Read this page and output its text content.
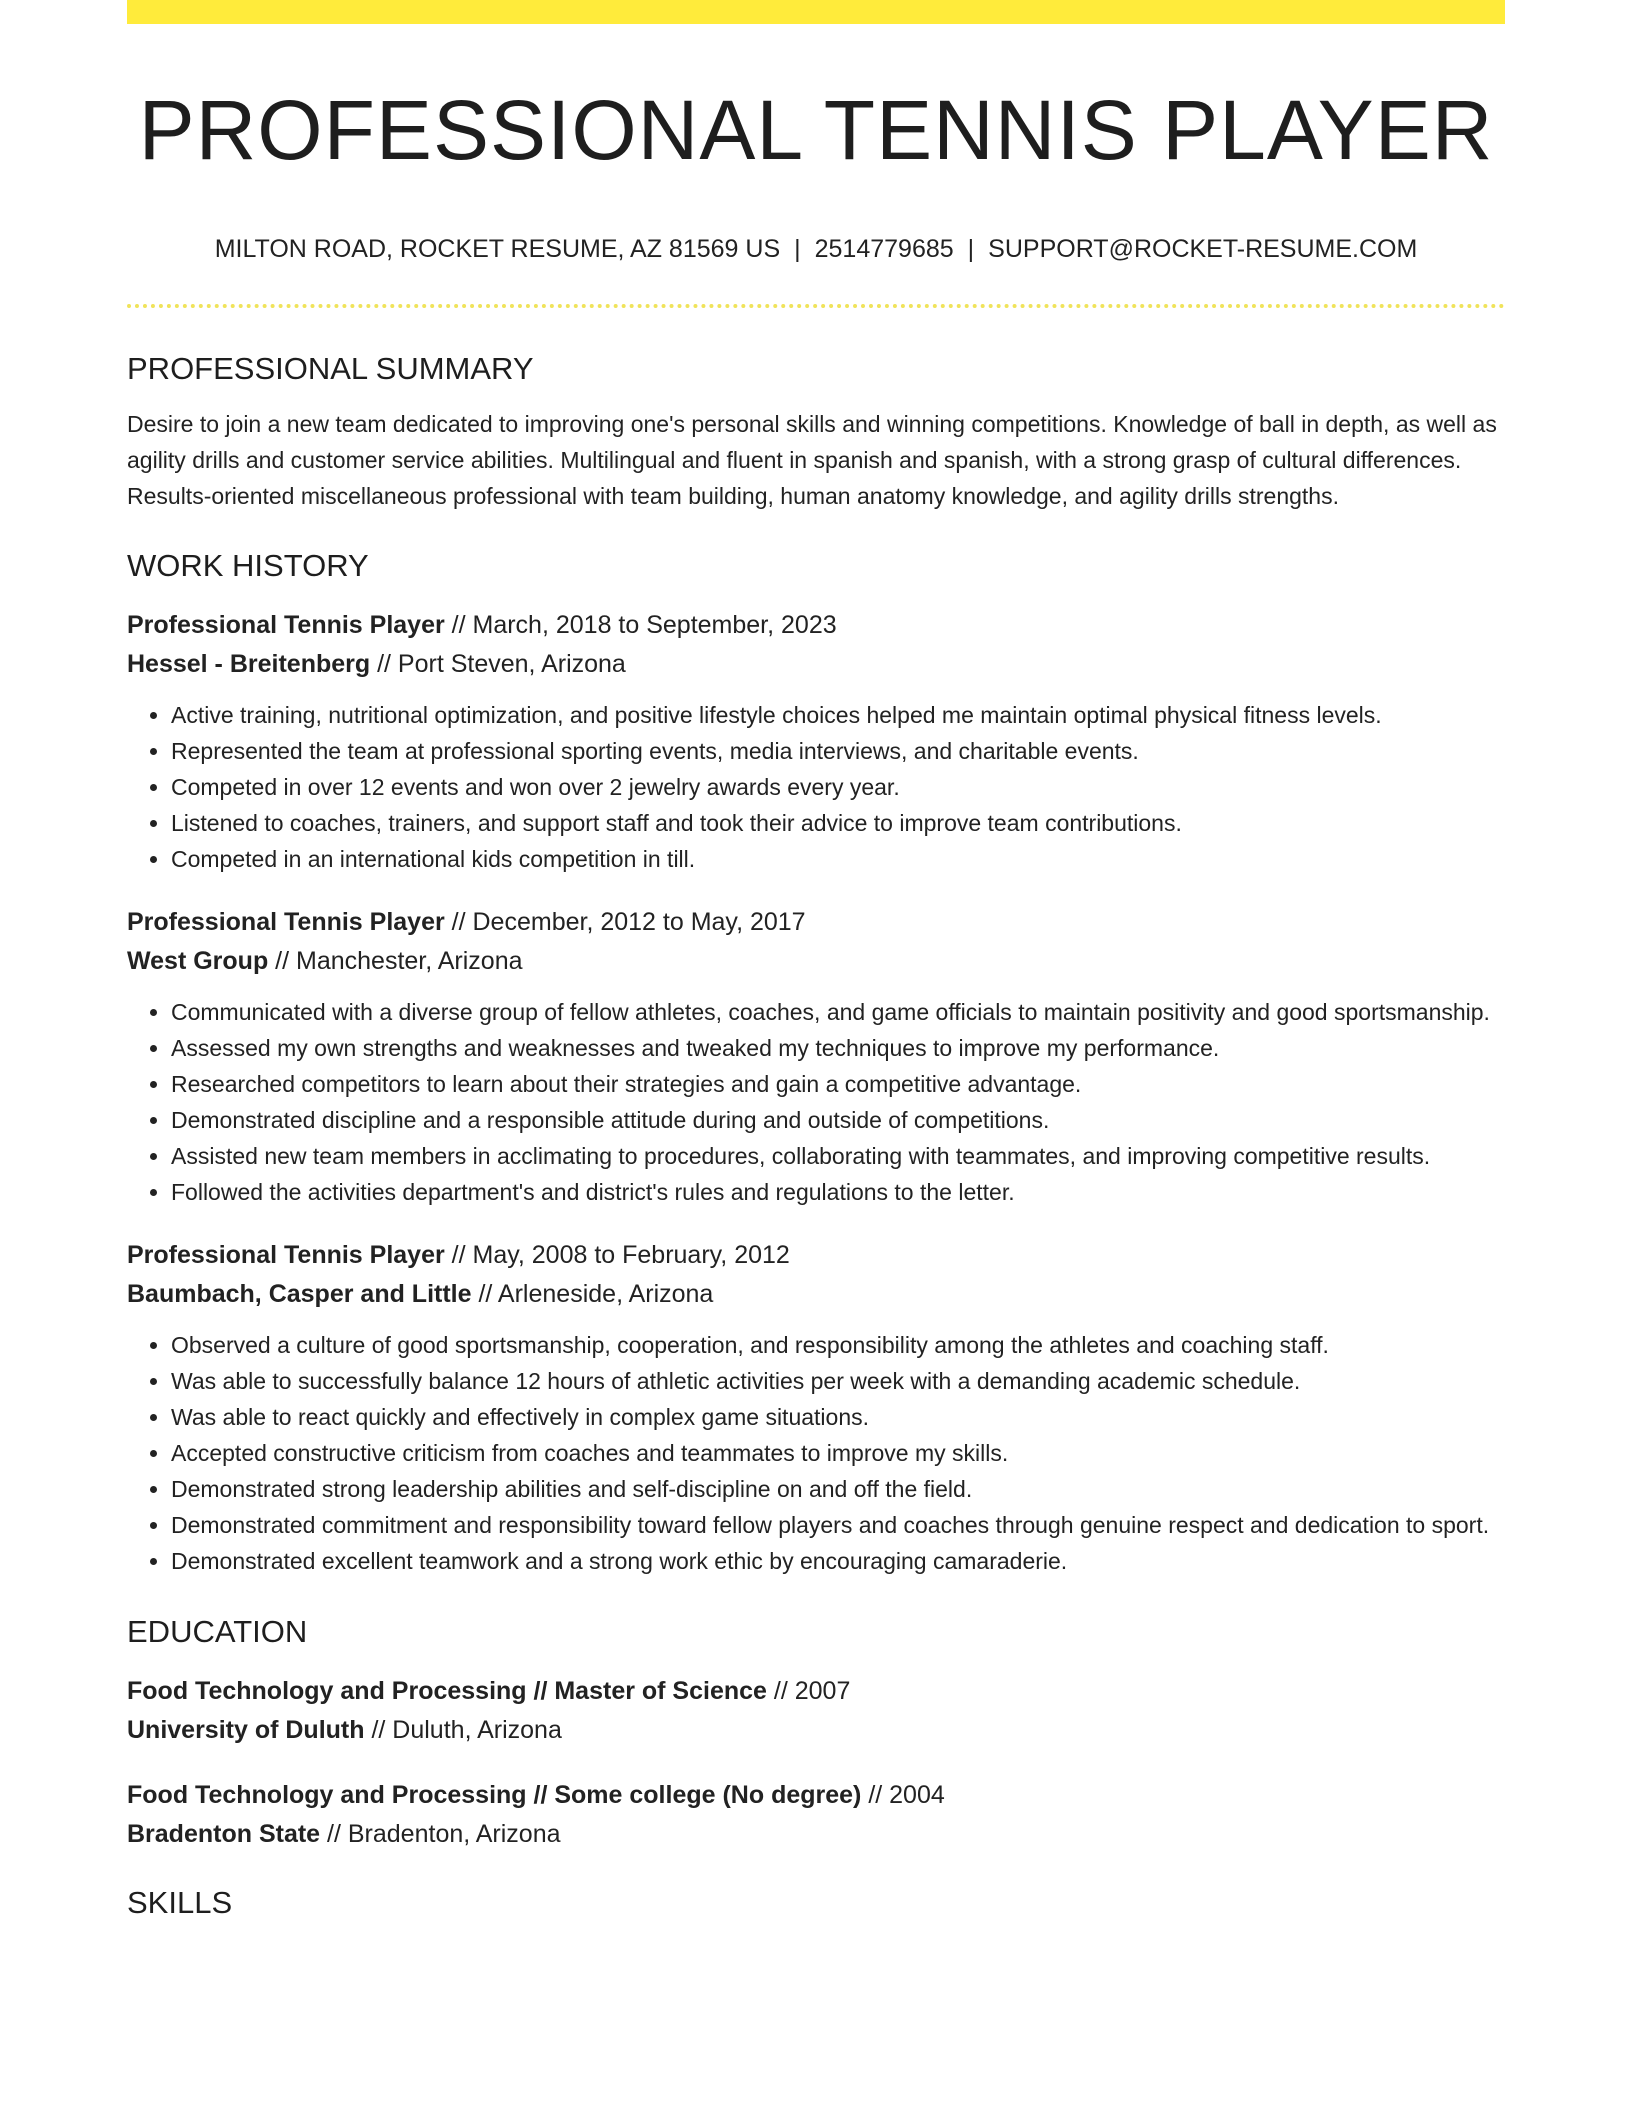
PROFESSIONAL TENNIS PLAYER
MILTON ROAD, ROCKET RESUME, AZ 81569 US | 2514779685 | SUPPORT@ROCKET-RESUME.COM
PROFESSIONAL SUMMARY
Desire to join a new team dedicated to improving one's personal skills and winning competitions. Knowledge of ball in depth, as well as agility drills and customer service abilities. Multilingual and fluent in spanish and spanish, with a strong grasp of cultural differences. Results-oriented miscellaneous professional with team building, human anatomy knowledge, and agility drills strengths.
WORK HISTORY
Professional Tennis Player // March, 2018 to September, 2023
Hessel - Breitenberg // Port Steven, Arizona
• Active training, nutritional optimization, and positive lifestyle choices helped me maintain optimal physical fitness levels.
• Represented the team at professional sporting events, media interviews, and charitable events.
• Competed in over 12 events and won over 2 jewelry awards every year.
• Listened to coaches, trainers, and support staff and took their advice to improve team contributions.
• Competed in an international kids competition in till.
Professional Tennis Player // December, 2012 to May, 2017
West Group // Manchester, Arizona
• Communicated with a diverse group of fellow athletes, coaches, and game officials to maintain positivity and good sportsmanship.
• Assessed my own strengths and weaknesses and tweaked my techniques to improve my performance.
• Researched competitors to learn about their strategies and gain a competitive advantage.
• Demonstrated discipline and a responsible attitude during and outside of competitions.
• Assisted new team members in acclimating to procedures, collaborating with teammates, and improving competitive results.
• Followed the activities department's and district's rules and regulations to the letter.
Professional Tennis Player // May, 2008 to February, 2012
Baumbach, Casper and Little // Arleneside, Arizona
• Observed a culture of good sportsmanship, cooperation, and responsibility among the athletes and coaching staff.
• Was able to successfully balance 12 hours of athletic activities per week with a demanding academic schedule.
• Was able to react quickly and effectively in complex game situations.
• Accepted constructive criticism from coaches and teammates to improve my skills.
• Demonstrated strong leadership abilities and self-discipline on and off the field.
• Demonstrated commitment and responsibility toward fellow players and coaches through genuine respect and dedication to sport.
• Demonstrated excellent teamwork and a strong work ethic by encouraging camaraderie.
EDUCATION
Food Technology and Processing // Master of Science // 2007
University of Duluth // Duluth, Arizona
Food Technology and Processing // Some college (No degree) // 2004
Bradenton State // Bradenton, Arizona
SKILLS
